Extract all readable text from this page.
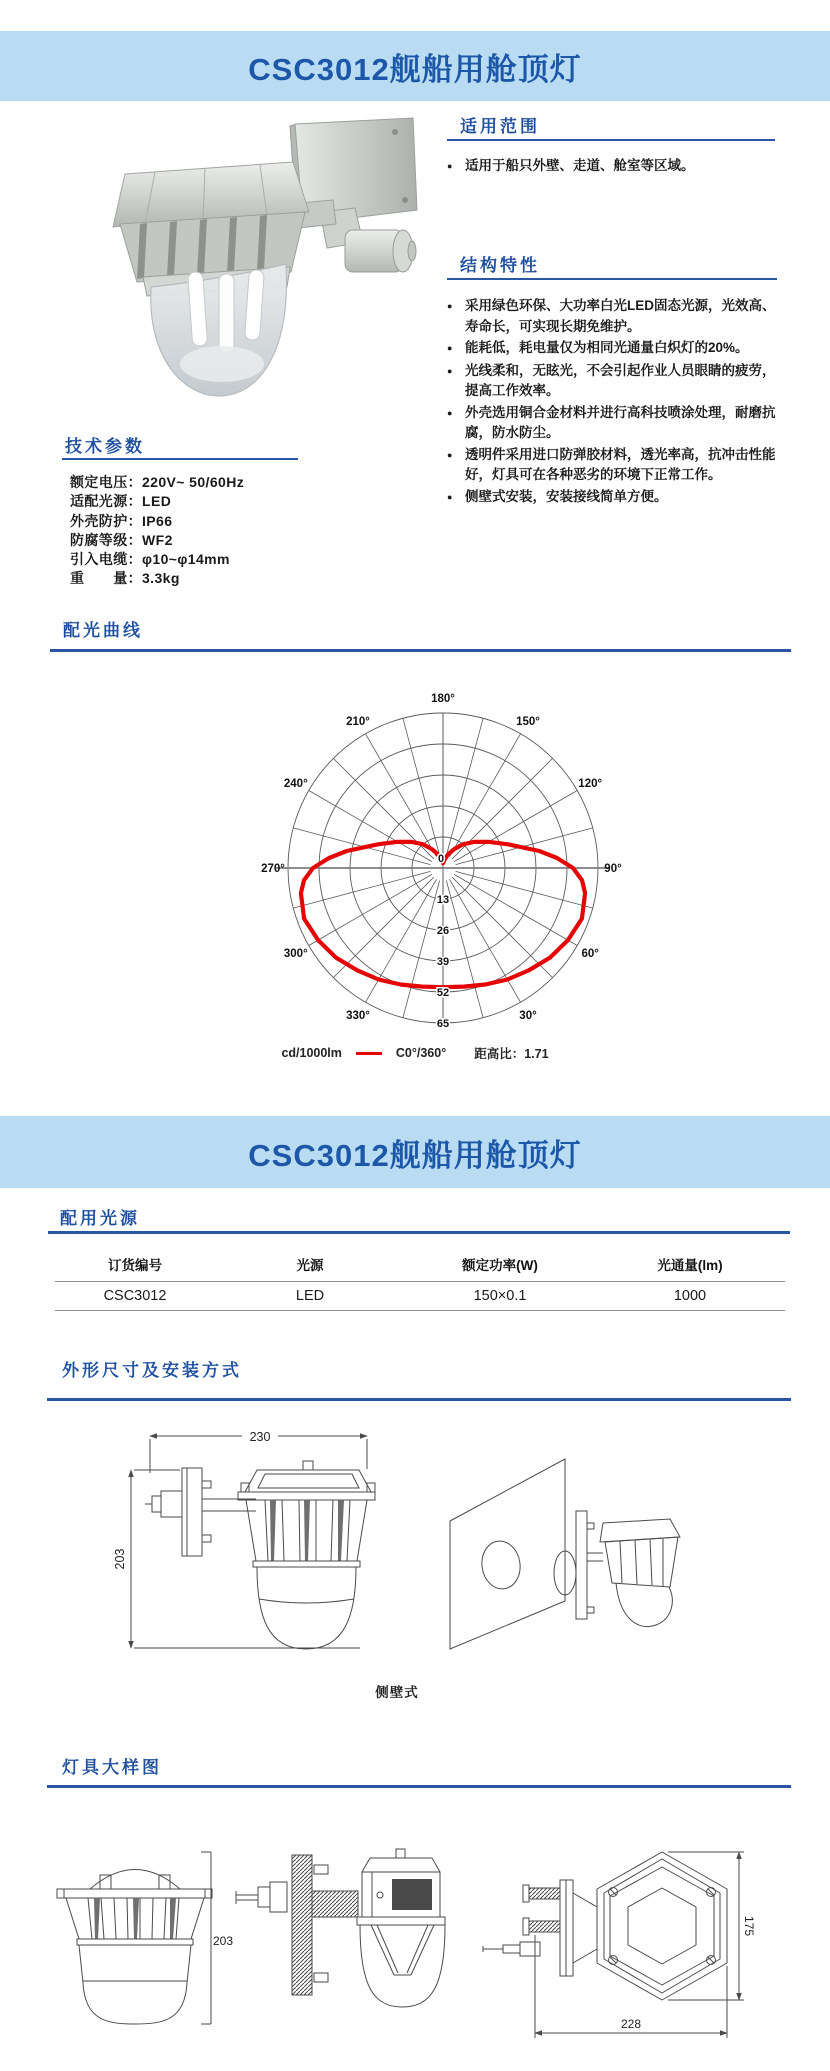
CSC3012舰船用舱顶灯
适用范围
●
适用于船只外壁、走道、舱室等区域。
结构特性
●
采用绿色环保、大功率白光LED固态光源，光效高、寿命长，可实现长期免维护。
●
能耗低，耗电量仅为相同光通量白炽灯的20%。
●
光线柔和，无眩光，不会引起作业人员眼睛的疲劳，提高工作效率。
●
外壳选用铜合金材料并进行高科技喷涂处理，耐磨抗腐，防水防尘。
●
透明件采用进口防弹胶材料，透光率高，抗冲击性能好，灯具可在各种恶劣的环境下正常工作。
●
侧壁式安装，安装接线简单方便。
技术参数
额定电压：220V~ 50/60Hz
适配光源：LED
外壳防护：IP66
防腐等级：WF2
引入电缆：φ10~φ14mm
重　　量：3.3kg
配光曲线
30°
60°
90°
120°
150°
180°
210°
240°
270°
300°
330°
0
13
26
39
52
65
cd/1000lm	C0°/360° 距高比：1.71
CSC3012舰船用舱顶灯
配用光源
订货编号	光源	额定功率(W)	光通量(lm)
CSC3012	LED	150×0.1	1000
外形尺寸及安装方式
230
203
侧壁式
灯具大样图
203
175
228
